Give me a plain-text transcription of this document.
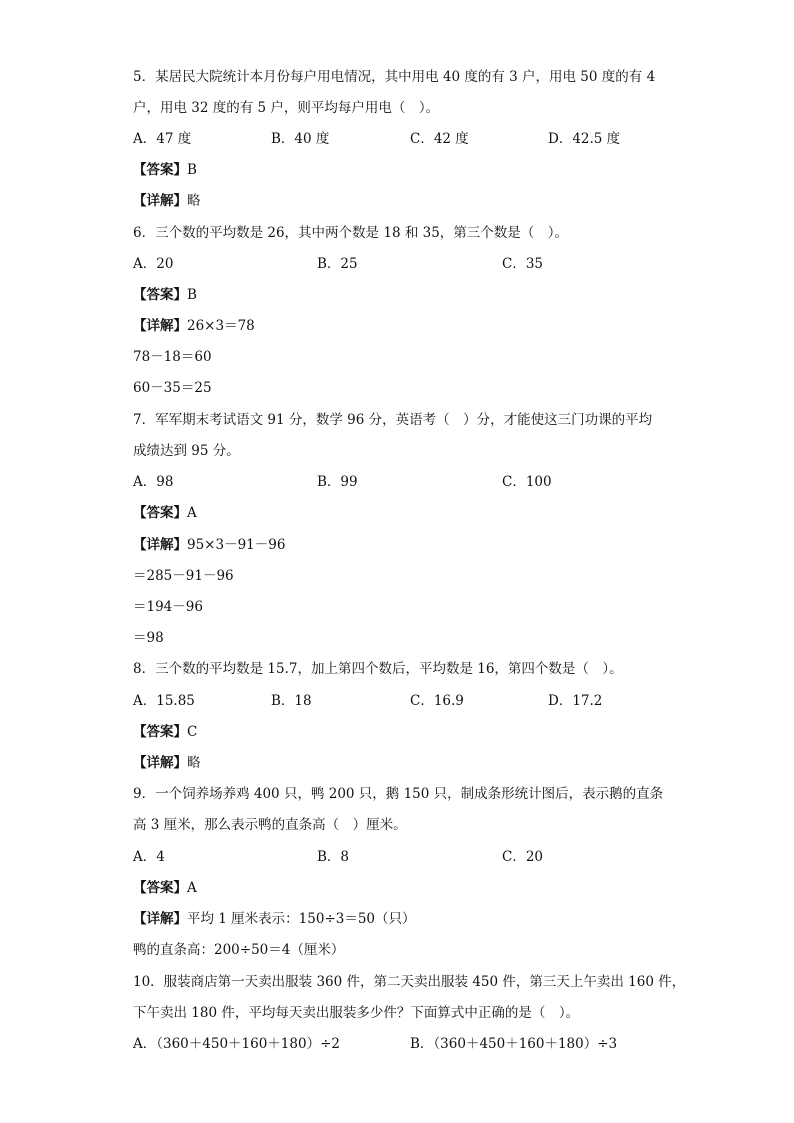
5．某居民大院统计本月份每户用电情况，其中用电 40 度的有 3 户，用电 50 度的有 4
户，用电 32 度的有 5 户，则平均每户用电（　）。
A．47 度	B．40 度	C．42 度	D．42.5 度
【答案】B
【详解】略
6．三个数的平均数是 26，其中两个数是 18 和 35，第三个数是（　）。
A．20	B．25	C．35
【答案】B
【详解】26×3＝78
78－18＝60
60－35＝25
7．军军期末考试语文 91 分，数学 96 分，英语考（　）分，才能使这三门功课的平均
成绩达到 95 分。
A．98	B．99	C．100
【答案】A
【详解】95×3－91－96
＝285－91－96
＝194－96
＝98
8．三个数的平均数是 15.7，加上第四个数后，平均数是 16，第四个数是（　）。
A．15.85	B．18	C．16.9	D．17.2
【答案】C
【详解】略
9．一个饲养场养鸡 400 只，鸭 200 只，鹅 150 只，制成条形统计图后，表示鹅的直条
高 3 厘米，那么表示鸭的直条高（　）厘米。
A．4	B．8	C．20
【答案】A
【详解】平均 1 厘米表示：150÷3＝50（只）
鸭的直条高：200÷50＝4（厘米）
10．服装商店第一天卖出服装 360 件，第二天卖出服装 450 件，第三天上午卖出 160 件，
下午卖出 180 件，平均每天卖出服装多少件？下面算式中正确的是（　）。
A．（360＋450＋160＋180）÷2	B．（360＋450＋160＋180）÷3
